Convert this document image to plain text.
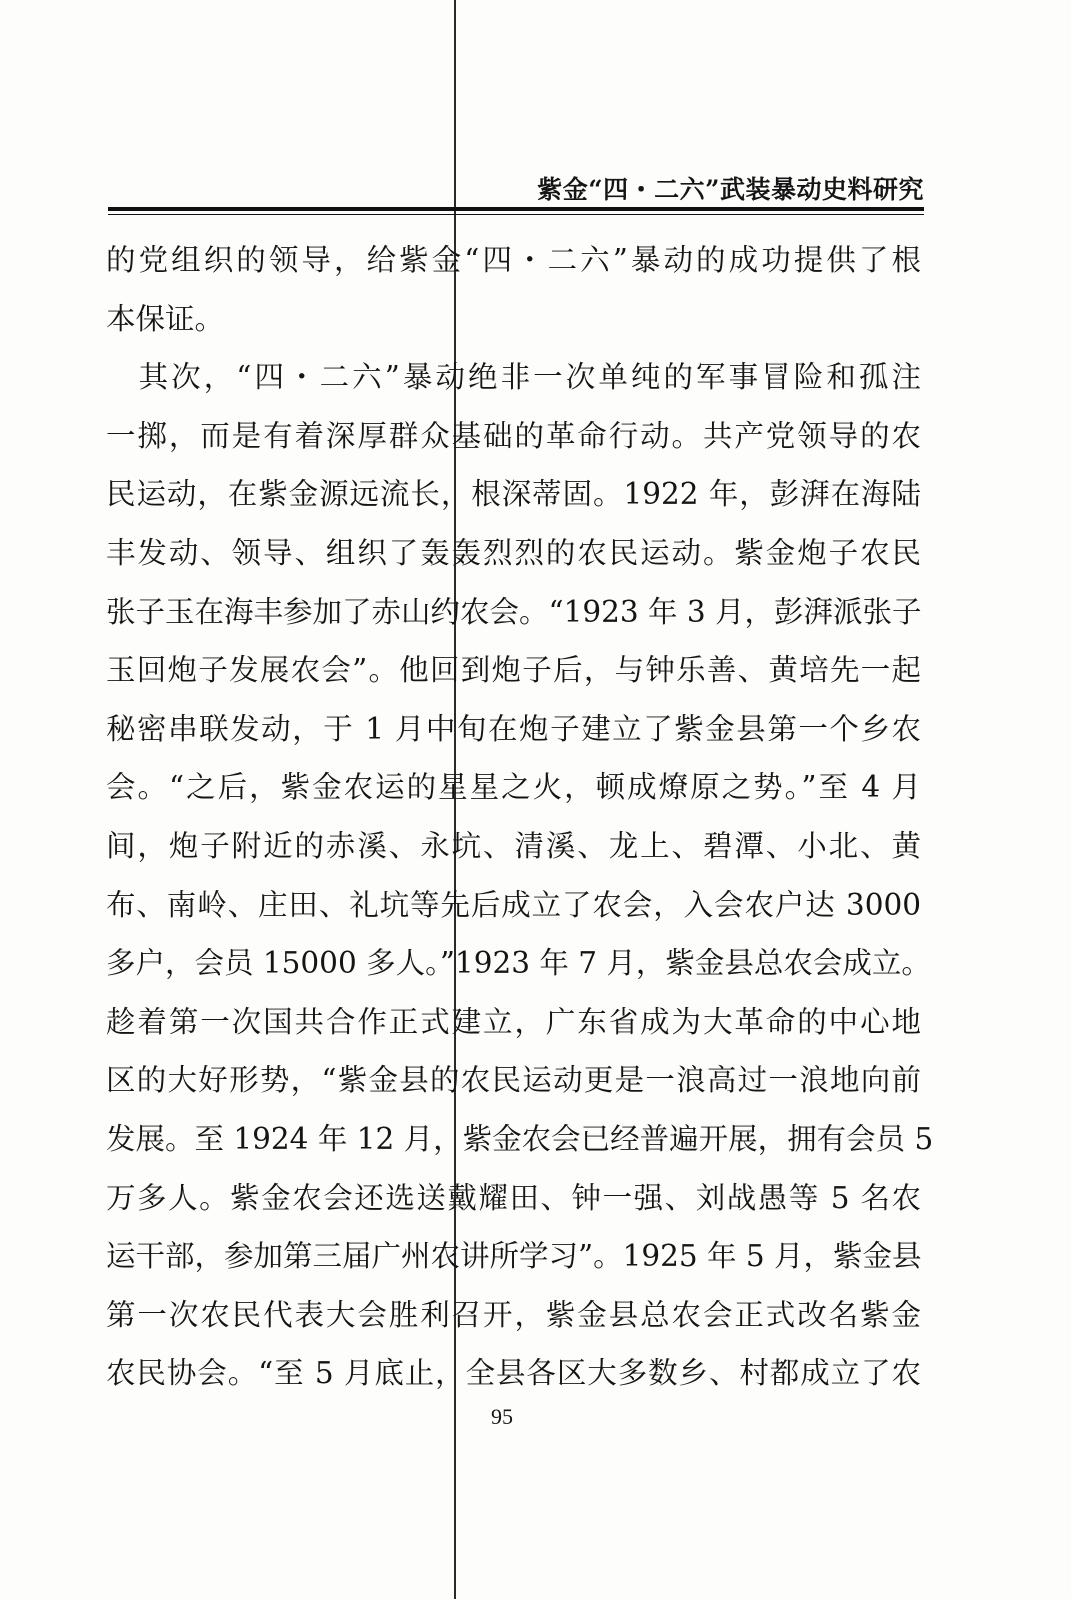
紫金“四・二六”武装暴动史料研究
的党组织的领导，给紫金“四・二六”暴动的成功提供了根
本保证。
　其次，“四・二六”暴动绝非一次单纯的军事冒险和孤注
一掷，而是有着深厚群众基础的革命行动。共产党领导的农
民运动，在紫金源远流长，根深蒂固。1922 年，彭湃在海陆
丰发动、领导、组织了轰轰烈烈的农民运动。紫金炮子农民
张子玉在海丰参加了赤山约农会。“1923 年 3 月，彭湃派张子
玉回炮子发展农会”。他回到炮子后，与钟乐善、黄培先一起
秘密串联发动，于 1 月中旬在炮子建立了紫金县第一个乡农
会。“之后，紫金农运的星星之火，顿成燎原之势。”至 4 月
间，炮子附近的赤溪、永坑、清溪、龙上、碧潭、小北、黄
布、南岭、庄田、礼坑等先后成立了农会，入会农户达 3000
多户，会员 15000 多人。”1923 年 7 月，紫金县总农会成立。
趁着第一次国共合作正式建立，广东省成为大革命的中心地
区的大好形势，“紫金县的农民运动更是一浪高过一浪地向前
发展。至 1924 年 12 月，紫金农会已经普遍开展，拥有会员 5
万多人。紫金农会还选送戴耀田、钟一强、刘战愚等 5 名农
运干部，参加第三届广州农讲所学习”。1925 年 5 月，紫金县
第一次农民代表大会胜利召开，紫金县总农会正式改名紫金
农民协会。“至 5 月底止，全县各区大多数乡、村都成立了农
95
